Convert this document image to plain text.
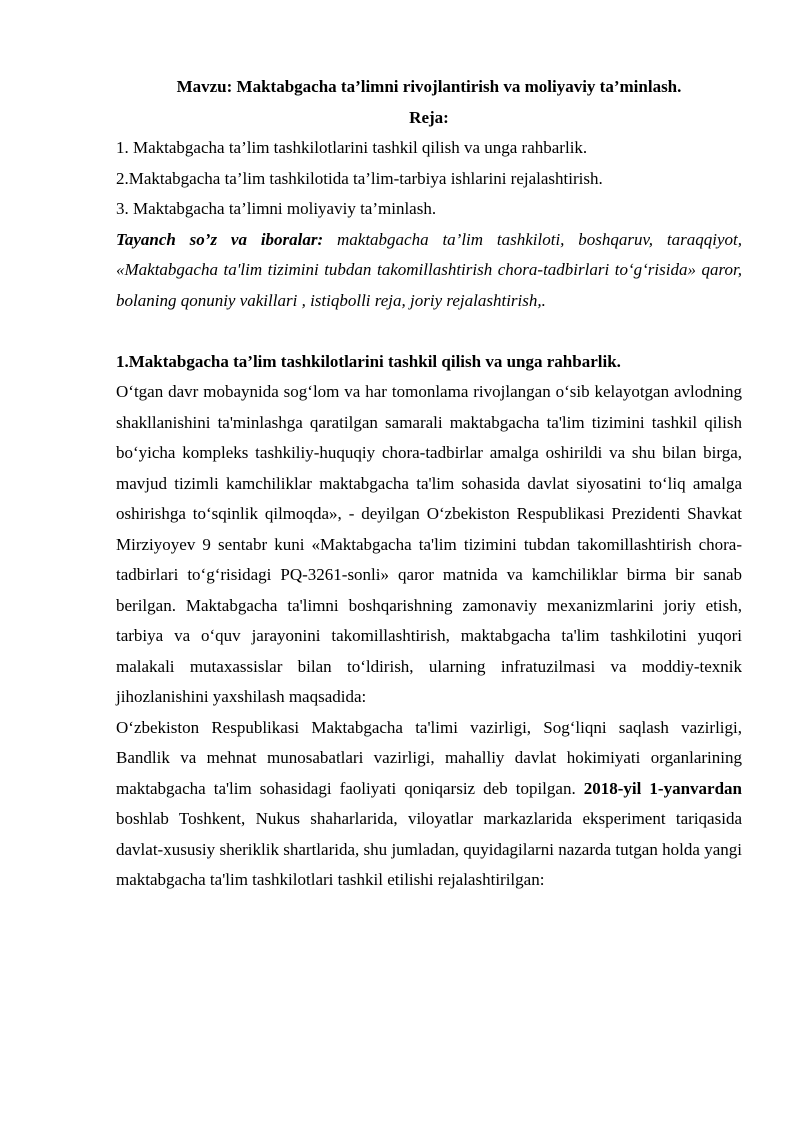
Mavzu: Maktabgacha ta’limni rivojlantirish va moliyaviy ta’minlash.

Reja:

1. Maktabgacha ta’lim tashkilotlarini tashkil qilish va unga rahbarlik.

2.Maktabgacha ta’lim tashkilotida ta’lim-tarbiya ishlarini rejalashtirish.

3. Maktabgacha ta’limni moliyaviy ta’minlash.

Tayanch so’z va iboralar: maktabgacha ta’lim tashkiloti, boshqaruv, taraqqiyot, «Maktabgacha ta'lim tizimini tubdan takomillashtirish chora-tadbirlari to‘g‘risida» qaror, bolaning qonuniy vakillari , istiqbolli reja, joriy rejalashtirish,.

1.Maktabgacha ta’lim tashkilotlarini tashkil qilish va unga rahbarlik.

O‘tgan davr mobaynida sog‘lom va har tomonlama rivojlangan o‘sib kelayotgan avlodning shakllanishini ta'minlashga qaratilgan samarali maktabgacha ta'lim tizimini tashkil qilish bo‘yicha kompleks tashkiliy-huquqiy chora-tadbirlar amalga oshirildi va shu bilan birga, mavjud tizimli kamchiliklar maktabgacha ta'lim sohasida davlat siyosatini to‘liq amalga oshirishga to‘sqinlik qilmoqda», - deyilgan O‘zbekiston Respublikasi Prezidenti Shavkat Mirziyoyev 9 sentabr kuni «Maktabgacha ta'lim tizimini tubdan takomillashtirish chora-tadbirlari to‘g‘risidagi PQ-3261-sonli» qaror matnida va kamchiliklar birma bir sanab berilgan. Maktabgacha ta'limni boshqarishning zamonaviy mexanizmlarini joriy etish, tarbiya va o‘quv jarayonini takomillashtirish, maktabgacha ta'lim tashkilotini yuqori malakali mutaxassislar bilan to‘ldirish, ularning infratuzilmasi va moddiy-texnik jihozlanishini yaxshilash maqsadida:

O‘zbekiston Respublikasi Maktabgacha ta'limi vazirligi, Sog‘liqni saqlash vazirligi, Bandlik va mehnat munosabatlari vazirligi, mahalliy davlat hokimiyati organlarining maktabgacha ta'lim sohasidagi faoliyati qoniqarsiz deb topilgan. 2018-yil 1-yanvardan boshlab Toshkent, Nukus shaharlarida, viloyatlar markazlarida eksperiment tariqasida davlat-xususiy sheriklik shartlarida, shu jumladan, quyidagilarni nazarda tutgan holda yangi maktabgacha ta'lim tashkilotlari tashkil etilishi rejalashtirilgan:
